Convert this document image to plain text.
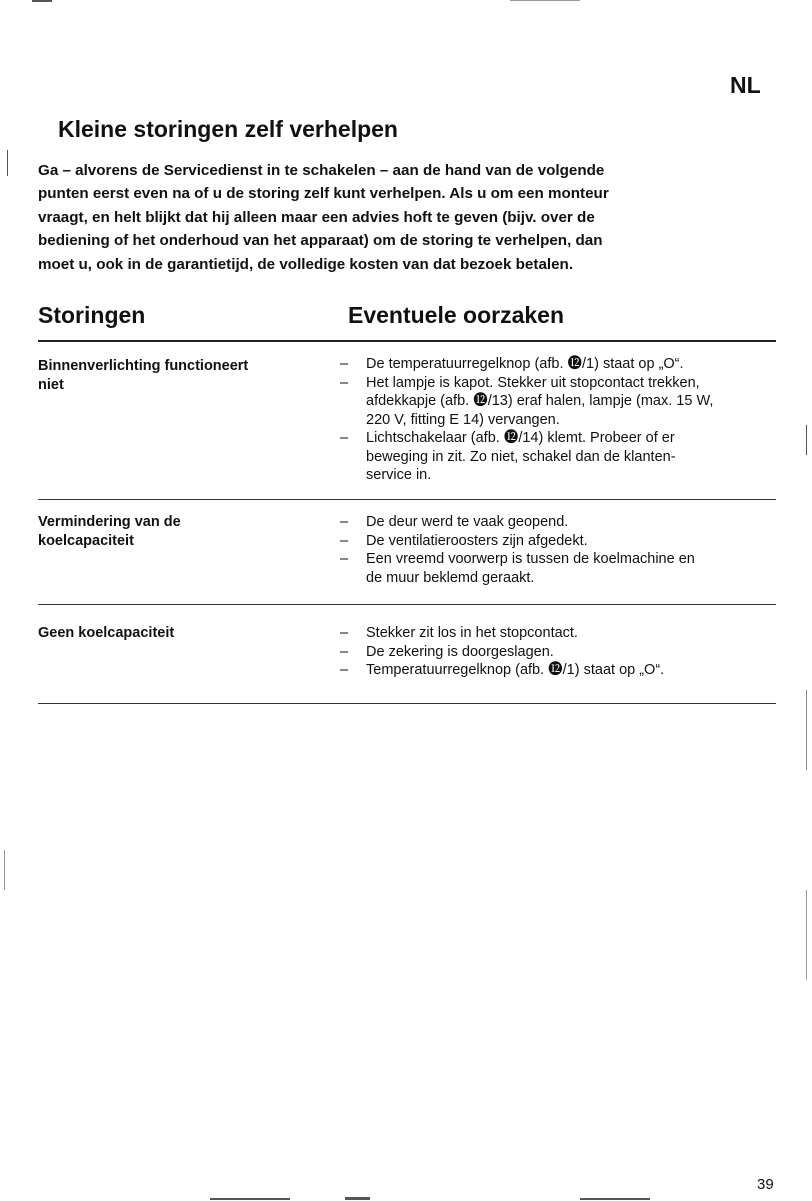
NL
Kleine storingen zelf verhelpen
Ga – alvorens de Servicedienst in te schakelen – aan de hand van de volgende
punten eerst even na of u de storing zelf kunt verhelpen. Als u om een monteur
vraagt, en helt blijkt dat hij alleen maar een advies hoft te geven (bijv. over de
bediening of het onderhoud van het apparaat) om de storing te verhelpen, dan
moet u, ook in de garantietijd, de volledige kosten van dat bezoek betalen.
Storingen	Eventuele oorzaken
Binnenverlichting functioneert
niet
– De temperatuurregelknop (afb. ⓬/1) staat op „O“.
– Het lampje is kapot. Stekker uit stopcontact trekken,
afdekkapje (afb. ⓬/13) eraf halen, lampje (max. 15 W,
220 V, fitting E 14) vervangen.
– Lichtschakelaar (afb. ⓬/14) klemt. Probeer of er
beweging in zit. Zo niet, schakel dan de klanten-
service in.
Vermindering van de
koelcapaciteit
– De deur werd te vaak geopend.
– De ventilatieroosters zijn afgedekt.
– Een vreemd voorwerp is tussen de koelmachine en
de muur beklemd geraakt.
Geen koelcapaciteit	– Stekker zit los in het stopcontact.
– De zekering is doorgeslagen.
– Temperatuurregelknop (afb. ⓬/1) staat op „O“.
39
